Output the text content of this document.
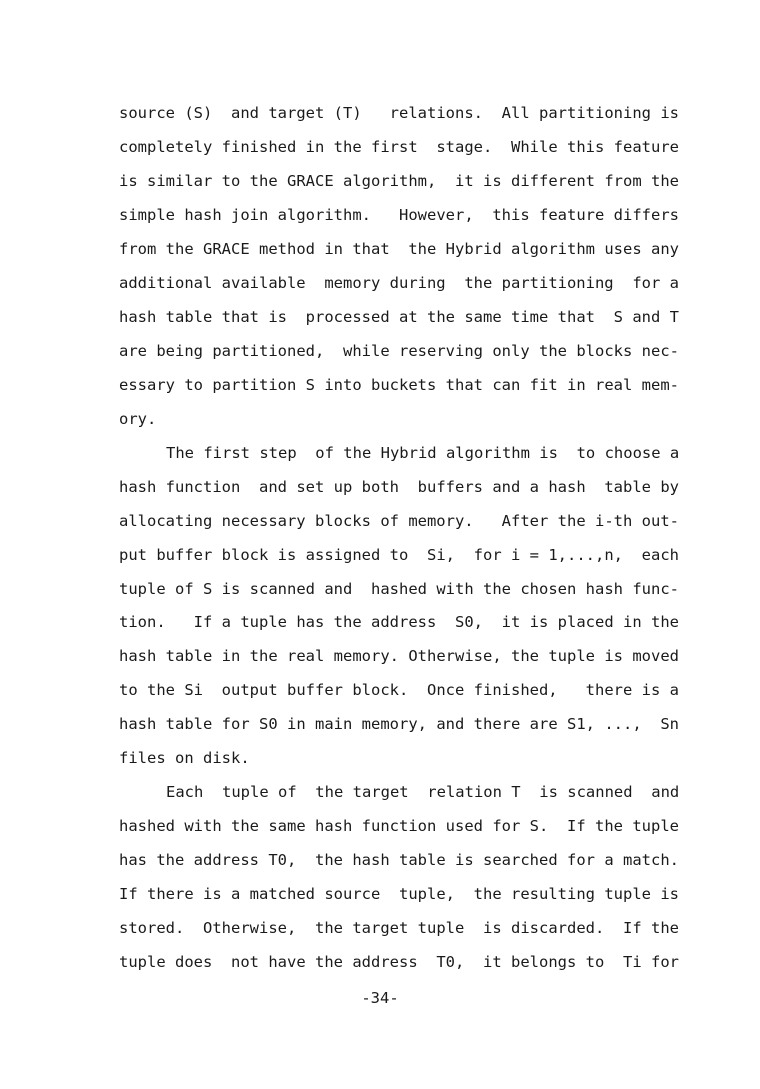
source (S)  and target (T)   relations.  All partitioning is
completely finished in the first  stage.  While this feature
is similar to the GRACE algorithm,  it is different from the
simple hash join algorithm.   However,  this feature differs
from the GRACE method in that  the Hybrid algorithm uses any
additional available  memory during  the partitioning  for a
hash table that is  processed at the same time that  S and T
are being partitioned,  while reserving only the blocks nec-
essary to partition S into buckets that can fit in real mem-
ory.
The first step  of the Hybrid algorithm is  to choose a
hash function  and set up both  buffers and a hash  table by
allocating necessary blocks of memory.   After the i-th out-
put buffer block is assigned to  Si,  for i = 1,...,n,  each
tuple of S is scanned and  hashed with the chosen hash func-
tion.   If a tuple has the address  S0,  it is placed in the
hash table in the real memory. Otherwise, the tuple is moved
to the Si  output buffer block.  Once finished,   there is a
hash table for S0 in main memory, and there are S1, ...,  Sn
files on disk.
Each  tuple of  the target  relation T  is scanned  and
hashed with the same hash function used for S.  If the tuple
has the address T0,  the hash table is searched for a match.
If there is a matched source  tuple,  the resulting tuple is
stored.  Otherwise,  the target tuple  is discarded.  If the
tuple does  not have the address  T0,  it belongs to  Ti for
-34-
